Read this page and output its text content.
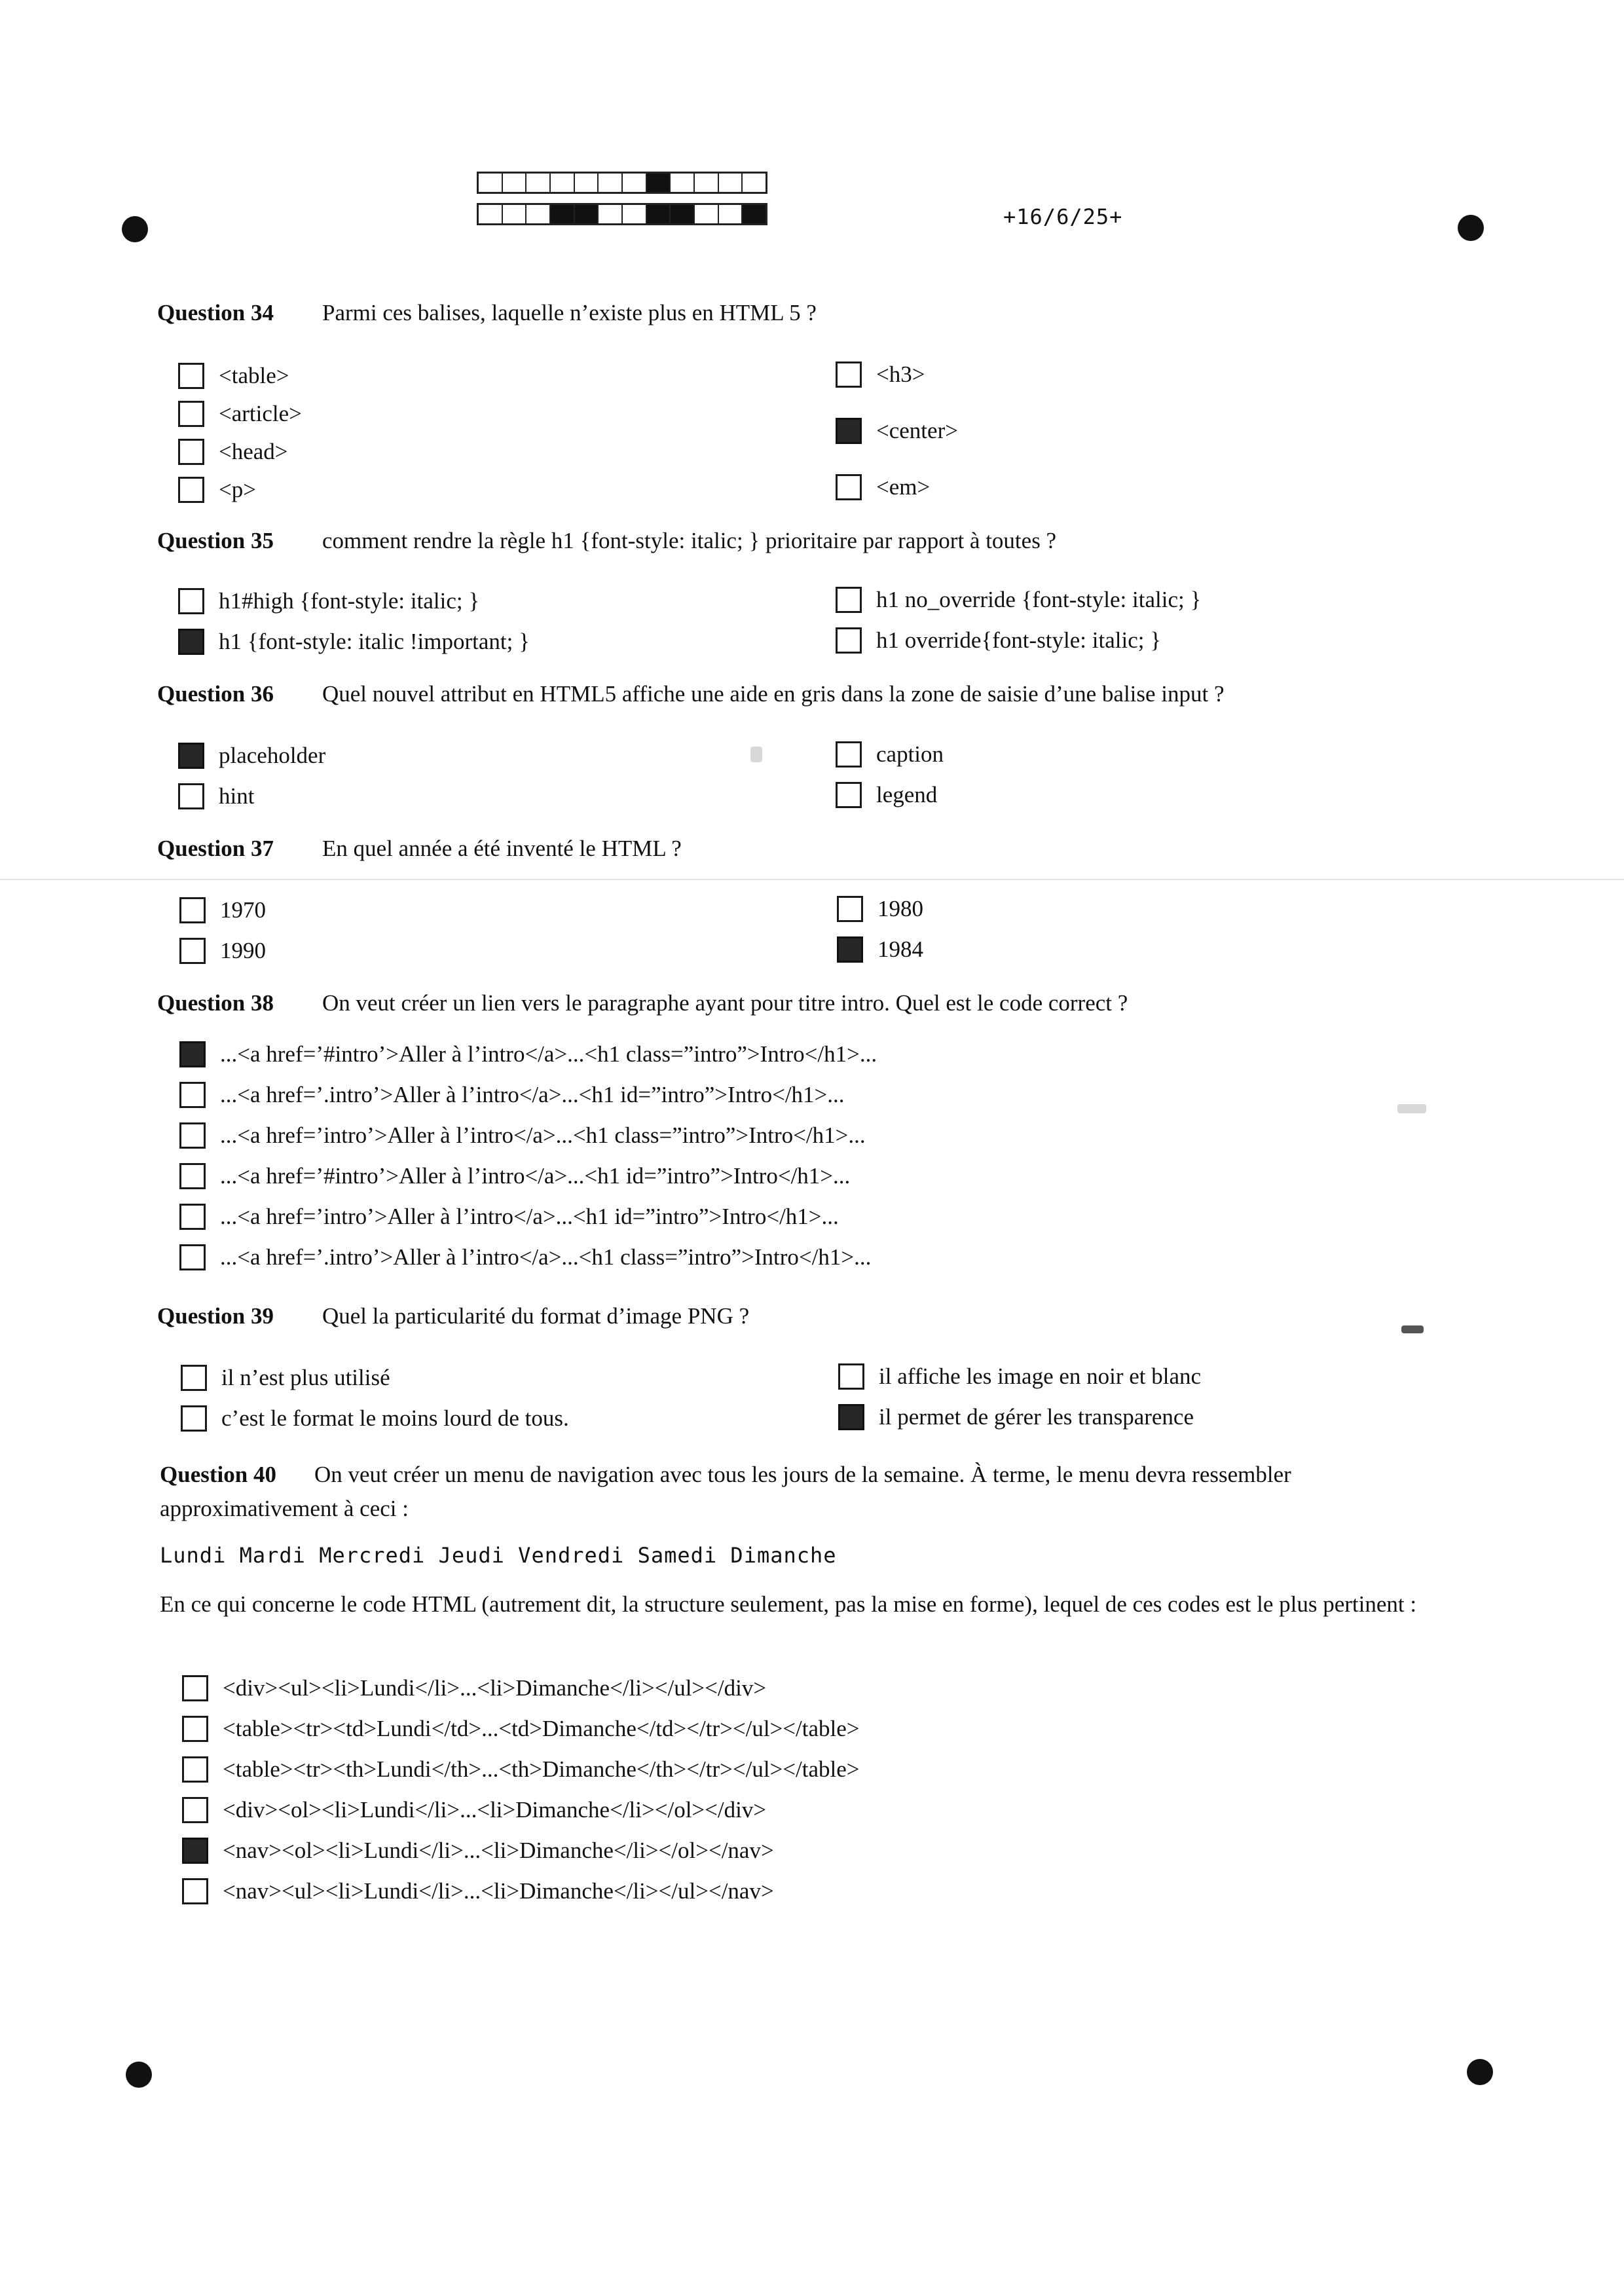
+16/6/25+
Question 34 Parmi ces balises, laquelle n’existe plus en HTML 5 ?
<table>
<article>
<head>
<p>
<h3>
<center>
<em>
Question 35 comment rendre la règle h1 {font-style: italic; } prioritaire par rapport à toutes ?
h1#high {font-style: italic; }
h1 {font-style: italic !important; }
h1 no_override {font-style: italic; }
h1 override{font-style: italic; }
Question 36 Quel nouvel attribut en HTML5 affiche une aide en gris dans la zone de saisie d’une balise input ?
placeholder
hint
caption
legend
Question 37 En quel année a été inventé le HTML ?
1970
1990
1980
1984
Question 38 On veut créer un lien vers le paragraphe ayant pour titre intro. Quel est le code correct ?
...<a href=’#intro’>Aller à l’intro</a>...<h1 class=”intro”>Intro</h1>...
...<a href=’.intro’>Aller à l’intro</a>...<h1 id=”intro”>Intro</h1>...
...<a href=’intro’>Aller à l’intro</a>...<h1 class=”intro”>Intro</h1>...
...<a href=’#intro’>Aller à l’intro</a>...<h1 id=”intro”>Intro</h1>...
...<a href=’intro’>Aller à l’intro</a>...<h1 id=”intro”>Intro</h1>...
...<a href=’.intro’>Aller à l’intro</a>...<h1 class=”intro”>Intro</h1>...
Question 39 Quel la particularité du format d’image PNG ?
il n’est plus utilisé
c’est le format le moins lourd de tous.
il affiche les image en noir et blanc
il permet de gérer les transparence
Question 40 On veut créer un menu de navigation avec tous les jours de la semaine. À terme, le menu devra ressembler approximativement à ceci :
Lundi Mardi Mercredi Jeudi Vendredi Samedi Dimanche
En ce qui concerne le code HTML (autrement dit, la structure seulement, pas la mise en forme), lequel de ces codes est le plus pertinent :
<div><ul><li>Lundi</li>...<li>Dimanche</li></ul></div>
<table><tr><td>Lundi</td>...<td>Dimanche</td></tr></ul></table>
<table><tr><th>Lundi</th>...<th>Dimanche</th></tr></ul></table>
<div><ol><li>Lundi</li>...<li>Dimanche</li></ol></div>
<nav><ol><li>Lundi</li>...<li>Dimanche</li></ol></nav>
<nav><ul><li>Lundi</li>...<li>Dimanche</li></ul></nav>
